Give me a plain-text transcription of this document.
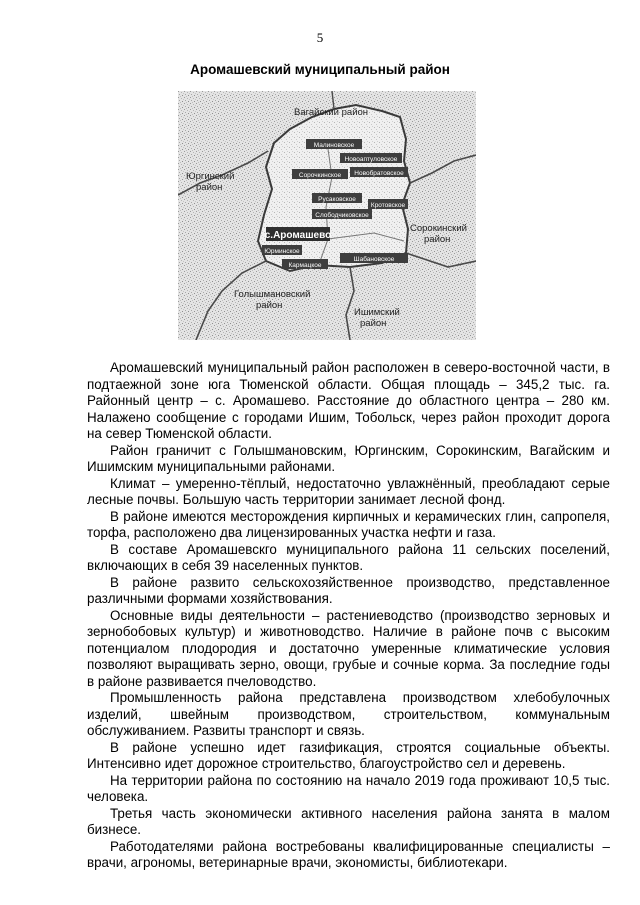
5
Аромашевский муниципальный район
Вагайский район
Юргинский
район
Сорокинский
район
Голышмановский
район
Ишимский
район
Малиновское
Новоаптуловское
Сорочкинское Новобратовское
Русаковское
Кротовское
Слободчиковское
Юрминское
Кармацкое
Шабановское
с.Аромашево

Аромашевский муниципальный район расположен в северо-восточной части, в подтаежной зоне юга Тюменской области. Общая площадь – 345,2 тыс. га. Районный центр – с. Аромашево. Расстояние до областного центра – 280 км. Налажено сообщение с городами Ишим, Тобольск, через район проходит дорога на север Тюменской области.

Район граничит с Голышмановским, Юргинским, Сорокинским, Вагайским и Ишимским муниципальными районами.

Климат – умеренно-тёплый, недостаточно увлажнённый, преобладают серые лесные почвы. Большую часть территории занимает лесной фонд.

В районе имеются месторождения кирпичных и керамических глин, сапропеля, торфа, расположено два лицензированных участка нефти и газа.

В составе Аромашевскго муниципального района 11 сельских поселений, включающих в себя 39 населенных пунктов.

В районе развито сельскохозяйственное производство, представленное различными формами хозяйствования.

Основные виды деятельности – растениеводство (производство зерновых и зернобобовых культур) и животноводство. Наличие в районе почв с высоким потенциалом плодородия и достаточно умеренные климатические условия позволяют выращивать зерно, овощи, грубые и сочные корма. За последние годы в районе развивается пчеловодство.

Промышленность района представлена производством хлебобулочных изделий, швейным производством, строительством, коммунальным обслуживанием. Развиты транспорт и связь.

В районе успешно идет газификация, строятся социальные объекты. Интенсивно идет дорожное строительство, благоустройство сел и деревень.

На территории района по состоянию на начало 2019 года проживают 10,5 тыс. человека.

Третья часть экономически активного населения района занята в малом бизнесе.

Работодателями района востребованы квалифицированные специалисты – врачи, агрономы, ветеринарные врачи, экономисты, библиотекари.
